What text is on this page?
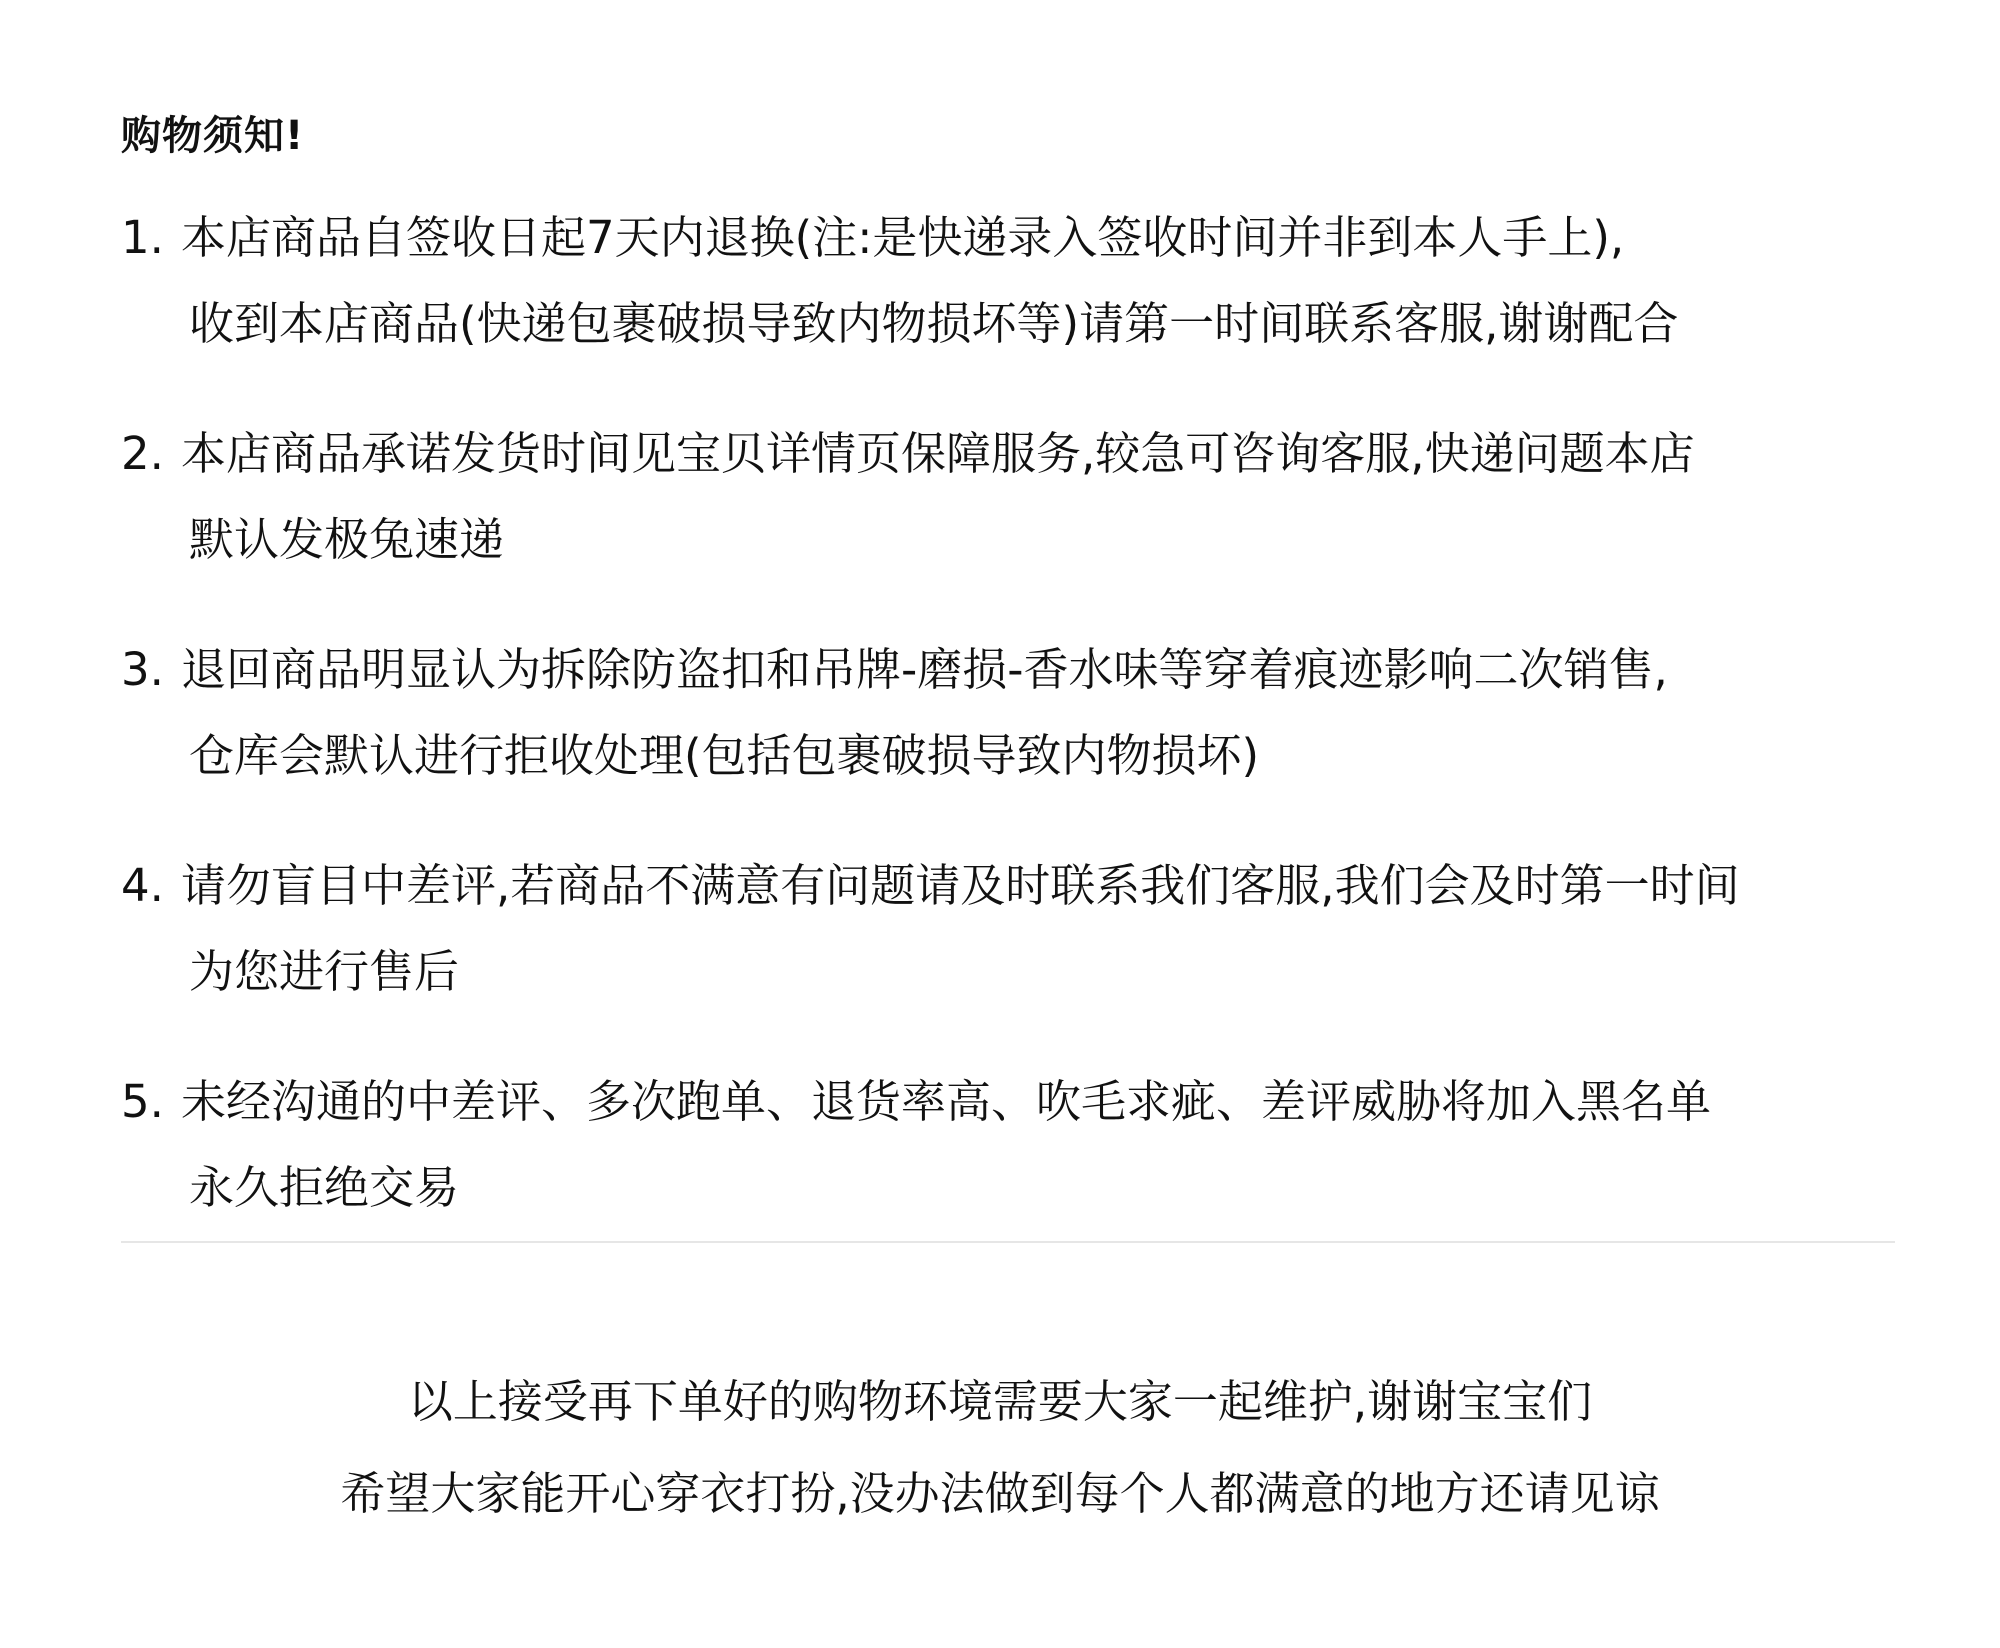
购物须知!
1. 本店商品自签收日起7天内退换(注:是快递录入签收时间并非到本人手上),
收到本店商品(快递包裹破损导致内物损坏等)请第一时间联系客服,谢谢配合
2. 本店商品承诺发货时间见宝贝详情页保障服务,较急可咨询客服,快递问题本店
默认发极兔速递
3. 退回商品明显认为拆除防盗扣和吊牌-磨损-香水味等穿着痕迹影响二次销售,
仓库会默认进行拒收处理(包括包裹破损导致内物损坏)
4. 请勿盲目中差评,若商品不满意有问题请及时联系我们客服,我们会及时第一时间
为您进行售后
5. 未经沟通的中差评、多次跑单、退货率高、吹毛求疵、差评威胁将加入黑名单
永久拒绝交易
以上接受再下单好的购物环境需要大家一起维护,谢谢宝宝们
希望大家能开心穿衣打扮,没办法做到每个人都满意的地方还请见谅
